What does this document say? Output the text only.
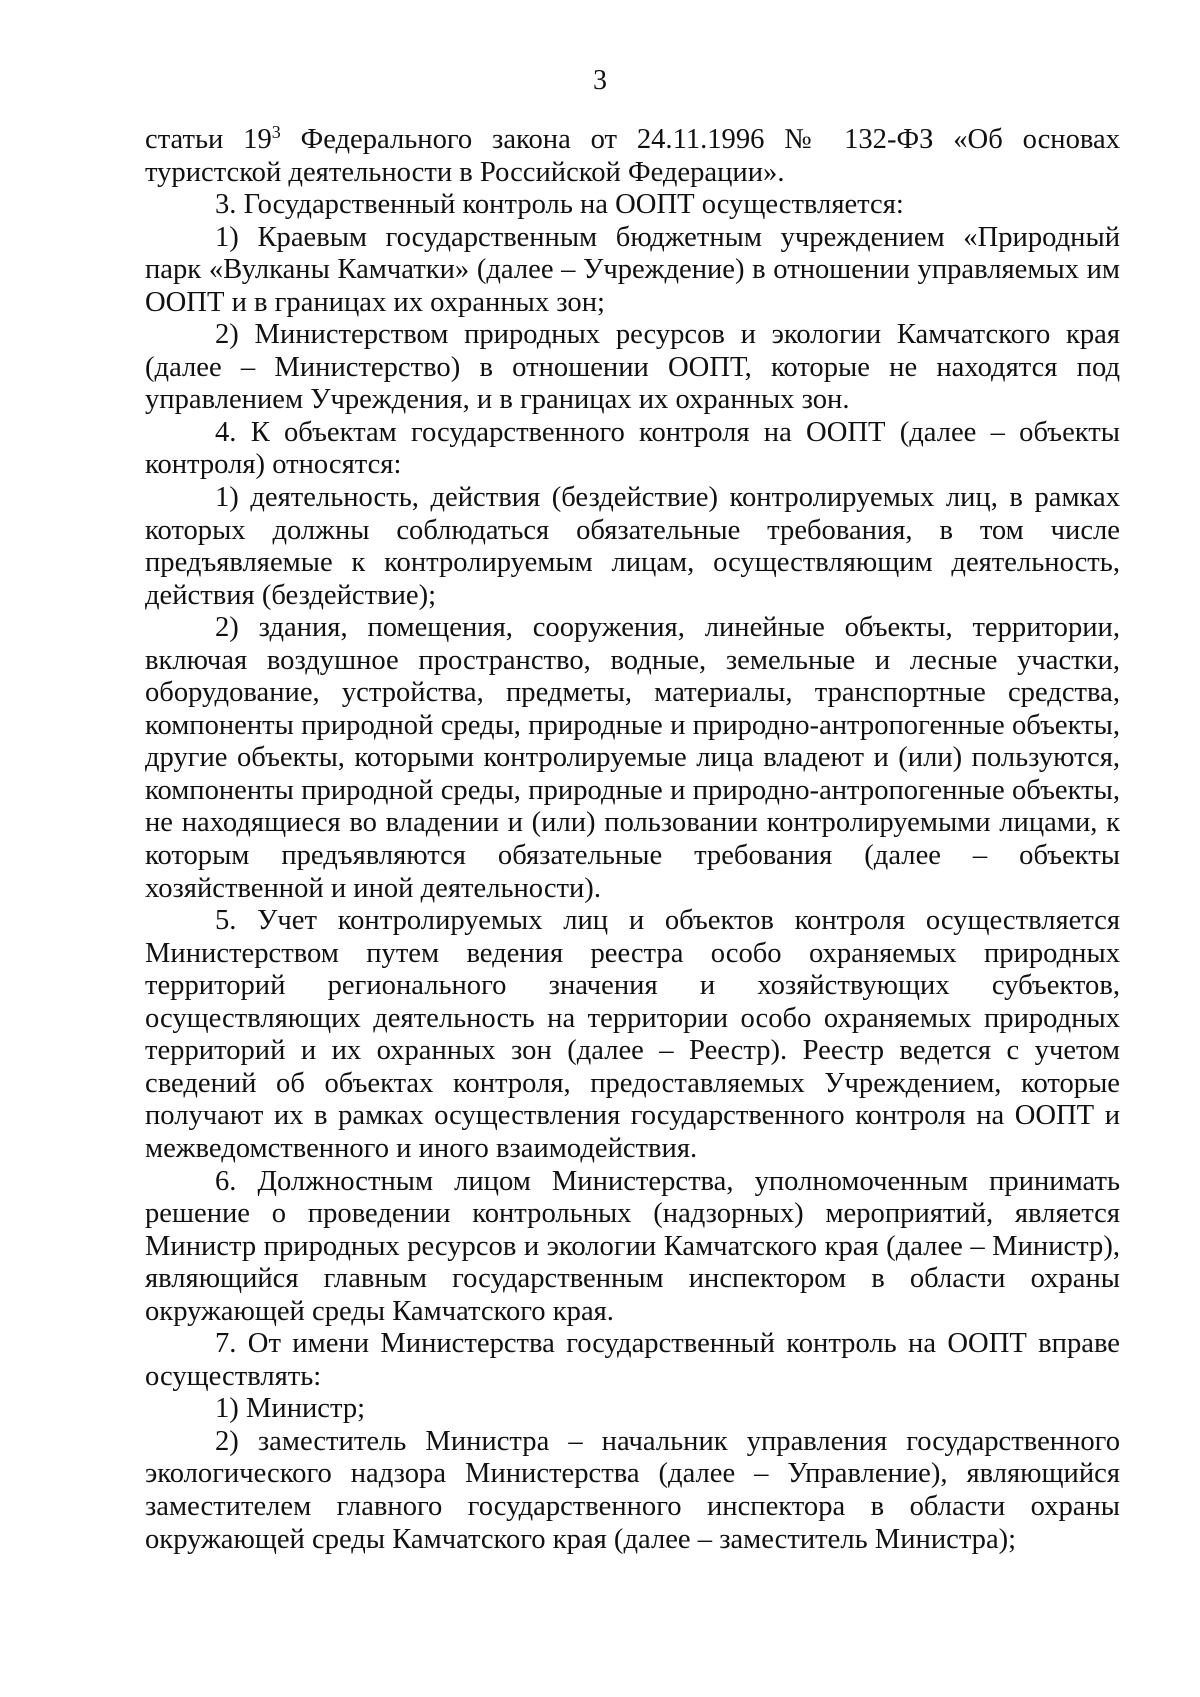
3

статьи $19^3$ Федерального закона от 24.11.1996 № 132-ФЗ «Об основах туристской деятельности в Российской Федерации».

3. Государственный контроль на ООПТ осуществляется:

1) Краевым государственным бюджетным учреждением «Природный парк «Вулканы Камчатки» (далее – Учреждение) в отношении управляемых им ООПТ и в границах их охранных зон;

2) Министерством природных ресурсов и экологии Камчатского края (далее – Министерство) в отношении ООПТ, которые не находятся под управлением Учреждения, и в границах их охранных зон.

4. К объектам государственного контроля на ООПТ (далее – объекты контроля) относятся:

1) деятельность, действия (бездействие) контролируемых лиц, в рамках которых должны соблюдаться обязательные требования, в том числе предъявляемые к контролируемым лицам, осуществляющим деятельность, действия (бездействие);

2) здания, помещения, сооружения, линейные объекты, территории, включая воздушное пространство, водные, земельные и лесные участки, оборудование, устройства, предметы, материалы, транспортные средства, компоненты природной среды, природные и природно-антропогенные объекты, другие объекты, которыми контролируемые лица владеют и (или) пользуются, компоненты природной среды, природные и природно-антропогенные объекты, не находящиеся во владении и (или) пользовании контролируемыми лицами, к которым предъявляются обязательные требования (далее – объекты хозяйственной и иной деятельности).

5. Учет контролируемых лиц и объектов контроля осуществляется Министерством путем ведения реестра особо охраняемых природных территорий регионального значения и хозяйствующих субъектов, осуществляющих деятельность на территории особо охраняемых природных территорий и их охранных зон (далее – Реестр). Реестр ведется с учетом сведений об объектах контроля, предоставляемых Учреждением, которые получают их в рамках осуществления государственного контроля на ООПТ и межведомственного и иного взаимодействия.

6. Должностным лицом Министерства, уполномоченным принимать решение о проведении контрольных (надзорных) мероприятий, является Министр природных ресурсов и экологии Камчатского края (далее – Министр), являющийся главным государственным инспектором в области охраны окружающей среды Камчатского края.

7. От имени Министерства государственный контроль на ООПТ вправе осуществлять:

1) Министр;

2) заместитель Министра – начальник управления государственного экологического надзора Министерства (далее – Управление), являющийся заместителем главного государственного инспектора в области охраны окружающей среды Камчатского края (далее – заместитель Министра);
